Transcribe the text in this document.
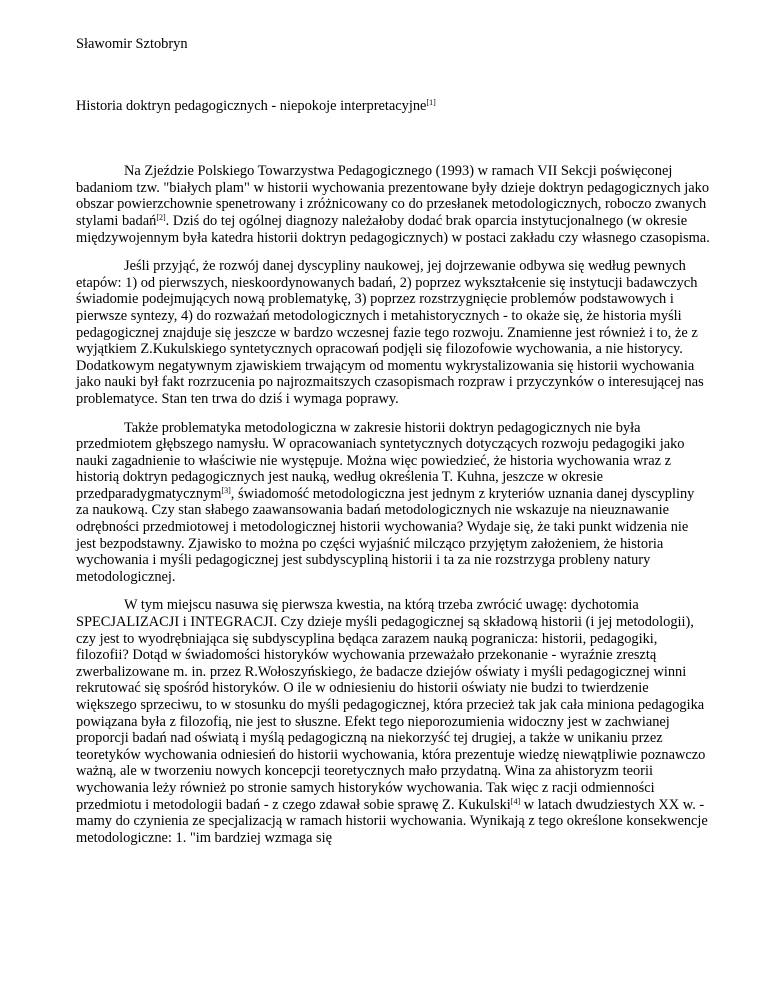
Sławomir Sztobryn
Historia doktryn pedagogicznych - niepokoje interpretacyjne[1]

Na Zjeździe Polskiego Towarzystwa Pedagogicznego (1993) w ramach VII Sekcji poświęconej badaniom tzw. "białych plam" w historii wychowania prezentowane były dzieje doktryn pedagogicznych jako obszar powierzchownie spenetrowany i zróżnicowany co do przesłanek metodologicznych, roboczo zwanych stylami badań[2]. Dziś do tej ogólnej diagnozy należałoby dodać brak oparcia instytucjonalnego (w okresie międzywojennym była katedra historii doktryn pedagogicznych) w postaci zakładu czy własnego czasopisma.

Jeśli przyjąć, że rozwój danej dyscypliny naukowej, jej dojrzewanie odbywa się według pewnych etapów: 1) od pierwszych, nieskoordynowanych badań, 2) poprzez wykształcenie się instytucji badawczych świadomie podejmujących nową problematykę, 3) poprzez rozstrzygnięcie problemów podstawowych i pierwsze syntezy, 4) do rozważań metodologicznych i metahistorycznych - to okaże się, że historia myśli pedagogicznej znajduje się jeszcze w bardzo wczesnej fazie tego rozwoju. Znamienne jest również i to, że z wyjątkiem Z.Kukulskiego syntetycznych opracowań podjęli się filozofowie wychowania, a nie historycy. Dodatkowym negatywnym zjawiskiem trwającym od momentu wykrystalizowania się historii wychowania jako nauki był fakt rozrzucenia po najrozmaitszych czasopismach rozpraw i przyczynków o interesującej nas problematyce. Stan ten trwa do dziś i wymaga poprawy.

Także problematyka metodologiczna w zakresie historii doktryn pedagogicznych nie była przedmiotem głębszego namysłu. W opracowaniach syntetycznych dotyczących rozwoju pedagogiki jako nauki zagadnienie to właściwie nie występuje. Można więc powiedzieć, że historia wychowania wraz z historią doktryn pedagogicznych jest nauką, według określenia T. Kuhna, jeszcze w okresie przedparadygmatycznym[3], świadomość metodologiczna jest jednym z kryteriów uznania danej dyscypliny za naukową. Czy stan słabego zaawansowania badań metodologicznych nie wskazuje na nieuznawanie odrębności przedmiotowej i metodologicznej historii wychowania? Wydaje się, że taki punkt widzenia nie jest bezpodstawny. Zjawisko to można po części wyjaśnić milcząco przyjętym założeniem, że historia wychowania i myśli pedagogicznej jest subdyscypliną historii i ta za nie rozstrzyga probleny natury metodologicznej.

W tym miejscu nasuwa się pierwsza kwestia, na którą trzeba zwrócić uwagę: dychotomia SPECJALIZACJI i INTEGRACJI. Czy dzieje myśli pedagogicznej są składową historii (i jej metodologii), czy jest to wyodrębniająca się subdyscyplina będąca zarazem nauką pogranicza: historii, pedagogiki, filozofii? Dotąd w świadomości historyków wychowania przeważało przekonanie - wyraźnie zresztą zwerbalizowane m. in. przez R.Wołoszyńskiego, że badacze dziejów oświaty i myśli pedagogicznej winni rekrutować się spośród historyków. O ile w odniesieniu do historii oświaty nie budzi to twierdzenie większego sprzeciwu, to w stosunku do myśli pedagogicznej, która przecież tak jak cała miniona pedagogika powiązana była z filozofią, nie jest to słuszne. Efekt tego nieporozumienia widoczny jest w zachwianej proporcji badań nad oświatą i myślą pedagogiczną na niekorzyść tej drugiej, a także w unikaniu przez teoretyków wychowania odniesień do historii wychowania, która prezentuje wiedzę niewątpliwie poznawczo ważną, ale w tworzeniu nowych koncepcji teoretycznych mało przydatną. Wina za ahistoryzm teorii wychowania leży również po stronie samych historyków wychowania. Tak więc z racji odmienności przedmiotu i metodologii badań - z czego zdawał sobie sprawę Z. Kukulski[4] w latach dwudziestych XX w. - mamy do czynienia ze specjalizacją w ramach historii wychowania. Wynikają z tego określone konsekwencje metodologiczne: 1. "im bardziej wzmaga się
